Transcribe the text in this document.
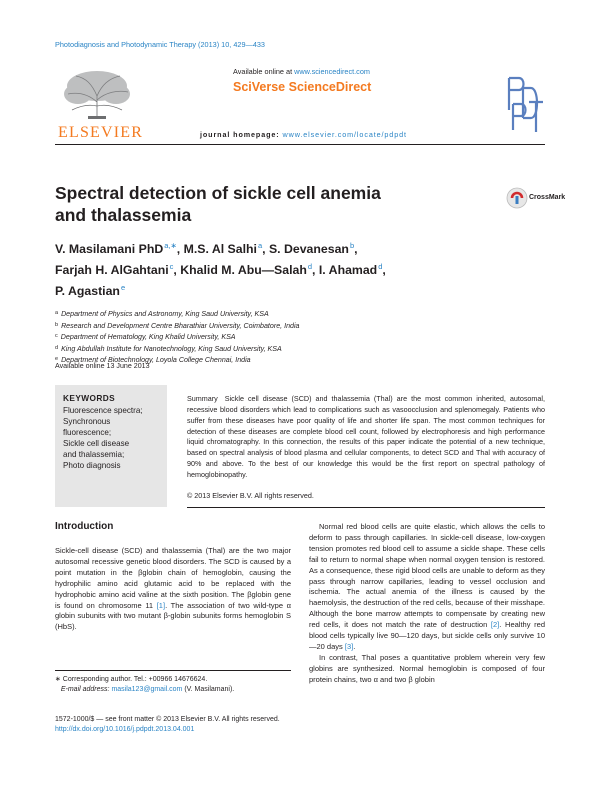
Photodiagnosis and Photodynamic Therapy (2013) 10, 429—433
ELSEVIER
Available online at www.sciencedirect.com
SciVerse ScienceDirect
PDPDT
journal homepage: www.elsevier.com/locate/pdpdt
Spectral detection of sickle cell anemia
and thalassemia
CrossMark
V. Masilamani PhD$^{a,∗}$, M.S. Al Salhi$^a$, S. Devanesan$^b$,
Farjah H. AlGahtani$^c$, Khalid M. Abu—Salah$^d$, I. Ahamad$^d$,
P. Agastian$^e$
$^a$ Department of Physics and Astronomy, King Saud University, KSA
$^b$ Research and Development Centre Bharathiar University, Coimbatore, India
$^c$ Department of Hematology, King Khalid University, KSA
$^d$ King Abdullah Institute for Nanotechnology, King Saud University, KSA
$^e$ Department of Biotechnology, Loyola College Chennai, India
Available online 13 June 2013
KEYWORDS
Fluorescence spectra;
Synchronous
fluorescence;
Sickle cell disease
and thalassemia;
Photo diagnosis
Summary Sickle cell disease (SCD) and thalassemia (Thal) are the most common inherited, autosomal, recessive blood disorders which lead to complications such as vasoocclusion and splenomegaly. Patients who suffer from these diseases have poor quality of life and shorter life span. The most common techniques for detection of these diseases are complete blood cell count, followed by electrophoresis and high performance liquid chromatography. In this connection, the results of this paper indicate the potential of a new technique, based on spectral analysis of blood plasma and cellular components, to detect SCD and Thal with accuracy of 90% and above. To the best of our knowledge this would be the first report on spectral pathology of hemoglobinopathy.
© 2013 Elsevier B.V. All rights reserved.
Introduction

Sickle-cell disease (SCD) and thalassemia (Thal) are the two major autosomal recessive genetic blood disorders. The SCD is caused by a point mutation in the βglobin chain of hemoglobin, causing the hydrophilic amino acid glutamic acid to be replaced with the hydrophobic amino acid valine at the sixth position. The βglobin gene is found on chromosome 11 [1]. The association of two wild-type α globin subunits with two mutant β-globin subunits forms hemoglobin S (HbS).

Normal red blood cells are quite elastic, which allows the cells to deform to pass through capillaries. In sickle-cell disease, low-oxygen tension promotes red blood cell to assume a sickle shape. These cells fail to return to normal shape when normal oxygen tension is restored. As a consequence, these rigid blood cells are unable to deform as they pass through narrow capillaries, leading to vessel occlusion and ischemia. The actual anemia of the illness is caused by the haemolysis, the destruction of the red cells, because of their misshape. Although the bone marrow attempts to compensate by creating new red cells, it does not match the rate of destruction [2]. Healthy red blood cells typically live 90—120 days, but sickle cells only survive 10—20 days [3].

In contrast, Thal poses a quantitative problem wherein very few globins are synthesized. Normal hemoglobin is composed of four protein chains, two α and two β globin

∗ Corresponding author. Tel.: +00966 14676624.
E-mail address: masila123@gmail.com (V. Masilamani).
1572-1000/$ — see front matter © 2013 Elsevier B.V. All rights reserved.
http://dx.doi.org/10.1016/j.pdpdt.2013.04.001
